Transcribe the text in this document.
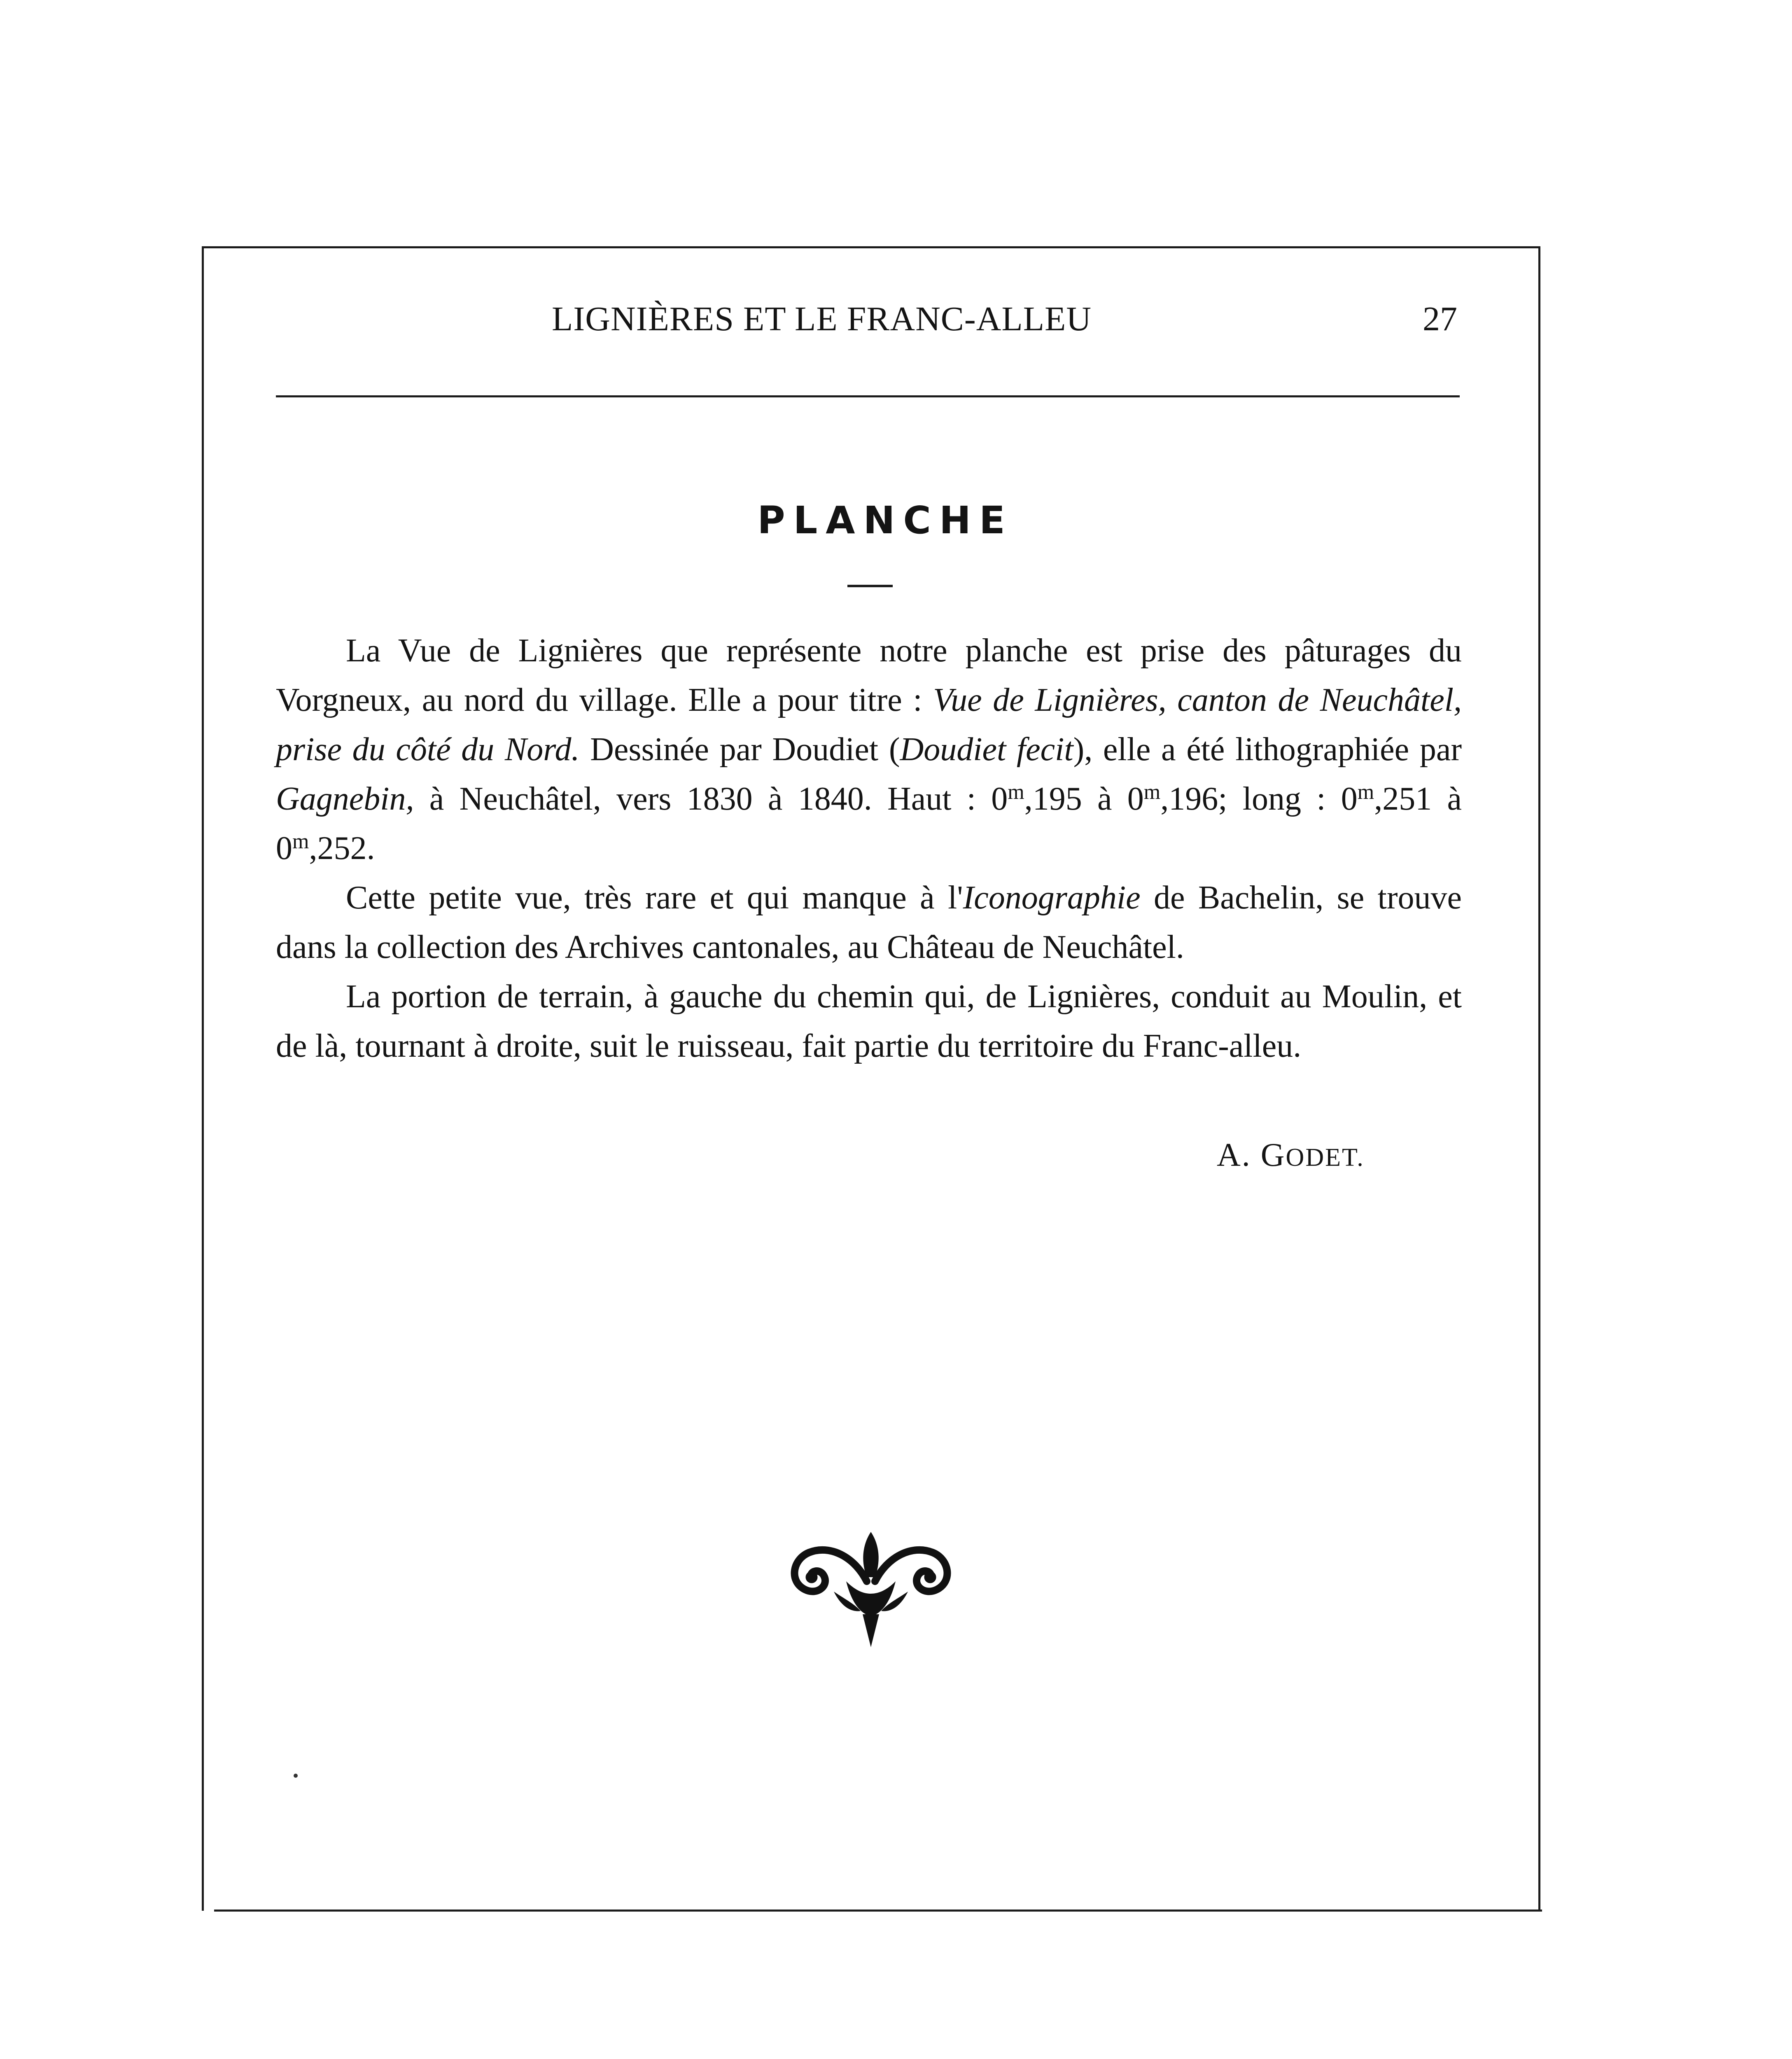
LIGNIÈRES ET LE FRANC-ALLEU	27
PLANCHE

La Vue de Lignières que représente notre planche est prise des pâturages du Vorgneux, au nord du village. Elle a pour titre : Vue de Lignières, canton de Neuchâtel, prise du côté du Nord. Dessinée par Doudiet (Doudiet fecit), elle a été lithographiée par Gagnebin, à Neuchâtel, vers 1830 à 1840. Haut : 0$^m$,195 à 0$^m$,196; long : 0$^m$,251 à 0$^m$,252.

Cette petite vue, très rare et qui manque à l'Iconographie de Bachelin, se trouve dans la collection des Archives cantonales, au Château de Neuchâtel.

La portion de terrain, à gauche du chemin qui, de Lignières, conduit au Moulin, et de là, tournant à droite, suit le ruisseau, fait partie du territoire du Franc-alleu.

A. GODET.
